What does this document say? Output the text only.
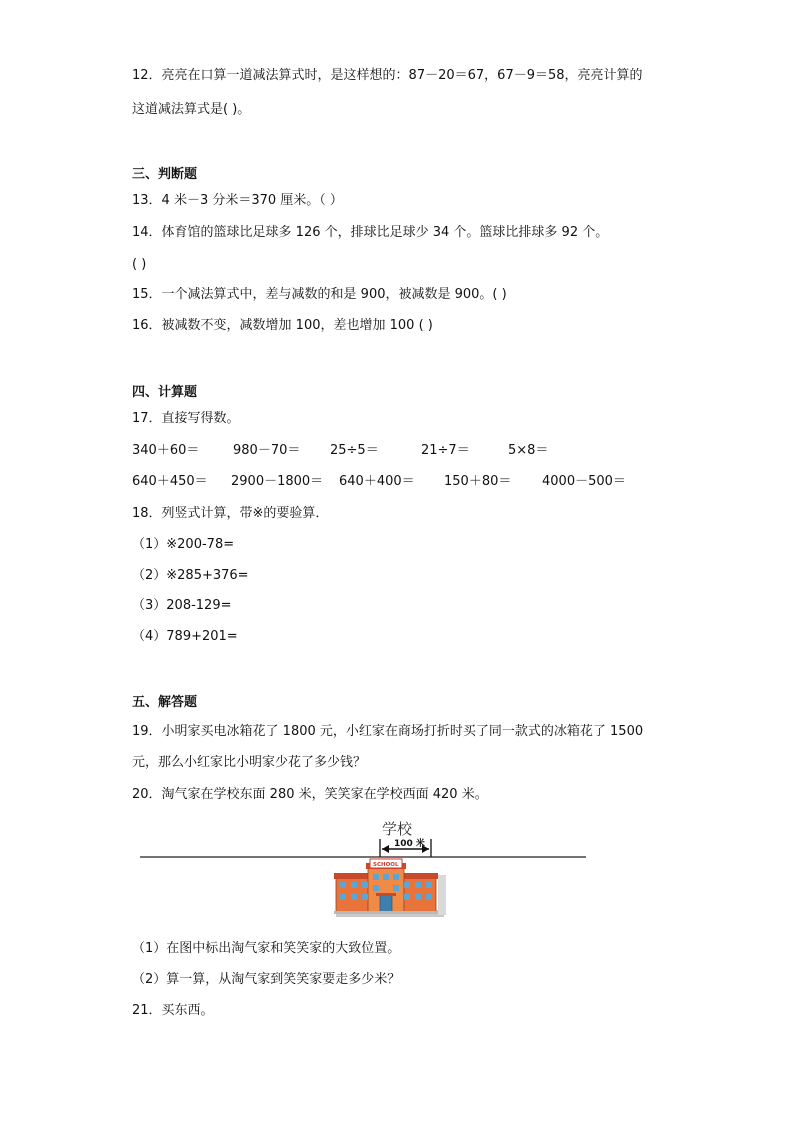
12．亮亮在口算一道减法算式时，是这样想的：87－20＝67，67－9＝58，亮亮计算的
这道减法算式是( )。
三、判断题
13．4 米－3 分米＝370 厘米。（ ）
14．体育馆的篮球比足球多 126 个，排球比足球少 34 个。篮球比排球多 92 个。
( )
15．一个减法算式中，差与减数的和是 900，被减数是 900。( )
16．被减数不变，减数增加 100，差也增加 100 ( )
四、计算题
17．直接写得数。
340＋60＝	980－70＝ 25÷5＝	21÷7＝	5×8＝
640＋450＝ 2900－1800＝ 640＋400＝ 150＋80＝ 4000－500＝
18．列竖式计算，带※的要验算．
（1）※200-78=
（2）※285+376=
（3）208-129=
（4）789+201=
五、解答题
19．小明家买电冰箱花了 1800 元，小红家在商场打折时买了同一款式的冰箱花了 1500
元，那么小红家比小明家少花了多少钱？
20．淘气家在学校东面 280 米，笑笑家在学校西面 420 米。
学校
100 米
SCHOOL
（1）在图中标出淘气家和笑笑家的大致位置。
（2）算一算，从淘气家到笑笑家要走多少米？
21．买东西。
